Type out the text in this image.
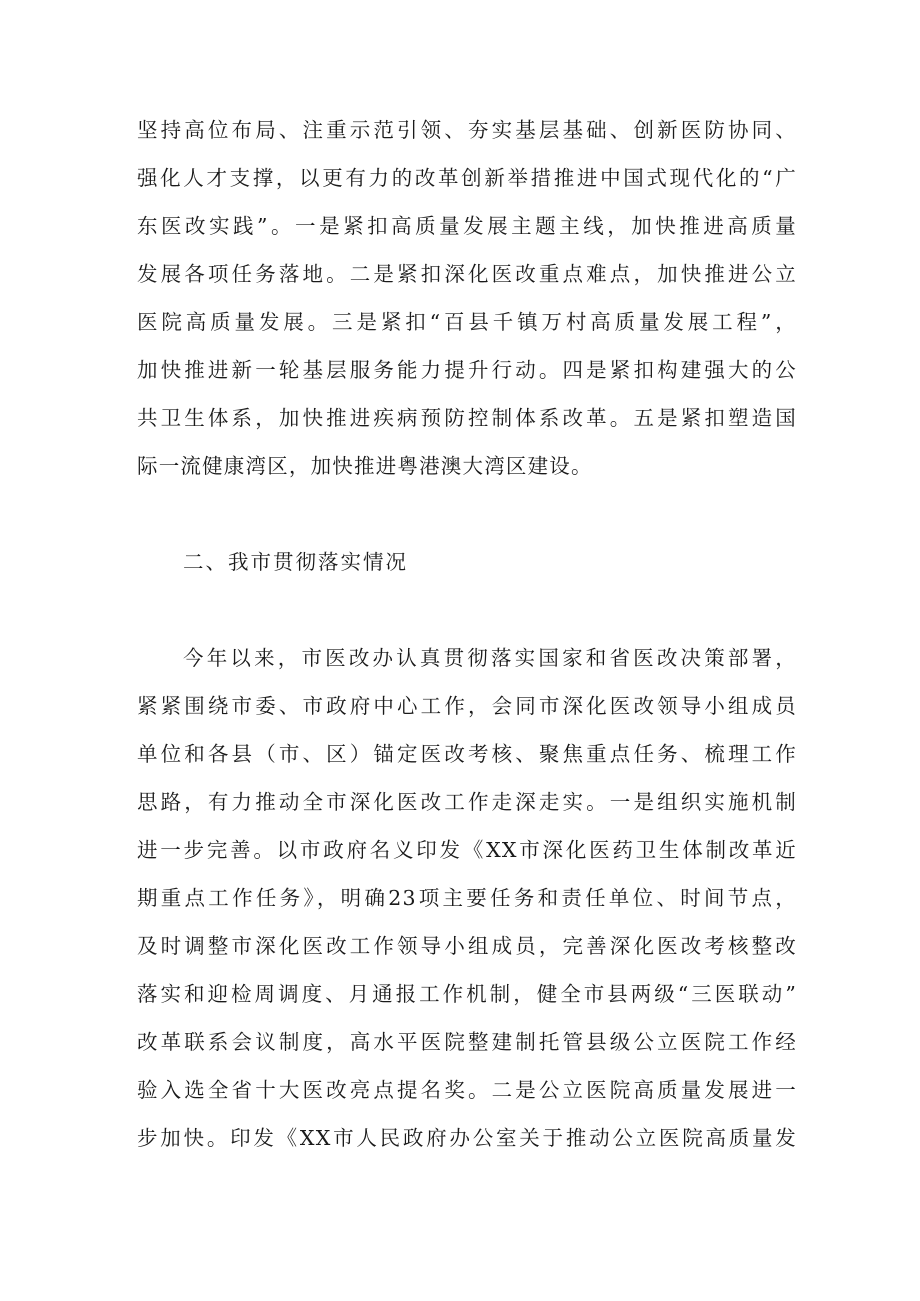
坚持高位布局、注重示范引领、夯实基层基础、创新医防协同、
强化人才支撑，以更有力的改革创新举措推进中国式现代化的“广
东医改实践”。一是紧扣高质量发展主题主线，加快推进高质量
发展各项任务落地。二是紧扣深化医改重点难点，加快推进公立
医院高质量发展。三是紧扣“百县千镇万村高质量发展工程”，
加快推进新一轮基层服务能力提升行动。四是紧扣构建强大的公
共卫生体系，加快推进疾病预防控制体系改革。五是紧扣塑造国
际一流健康湾区，加快推进粤港澳大湾区建设。
二、我市贯彻落实情况
今年以来，市医改办认真贯彻落实国家和省医改决策部署，
紧紧围绕市委、市政府中心工作，会同市深化医改领导小组成员
单位和各县（市、区）锚定医改考核、聚焦重点任务、梳理工作
思路，有力推动全市深化医改工作走深走实。一是组织实施机制
进一步完善。以市政府名义印发《XX市深化医药卫生体制改革近
期重点工作任务》，明确23项主要任务和责任单位、时间节点，
及时调整市深化医改工作领导小组成员，完善深化医改考核整改
落实和迎检周调度、月通报工作机制，健全市县两级“三医联动”
改革联系会议制度，高水平医院整建制托管县级公立医院工作经
验入选全省十大医改亮点提名奖。二是公立医院高质量发展进一
步加快。印发《XX市人民政府办公室关于推动公立医院高质量发
